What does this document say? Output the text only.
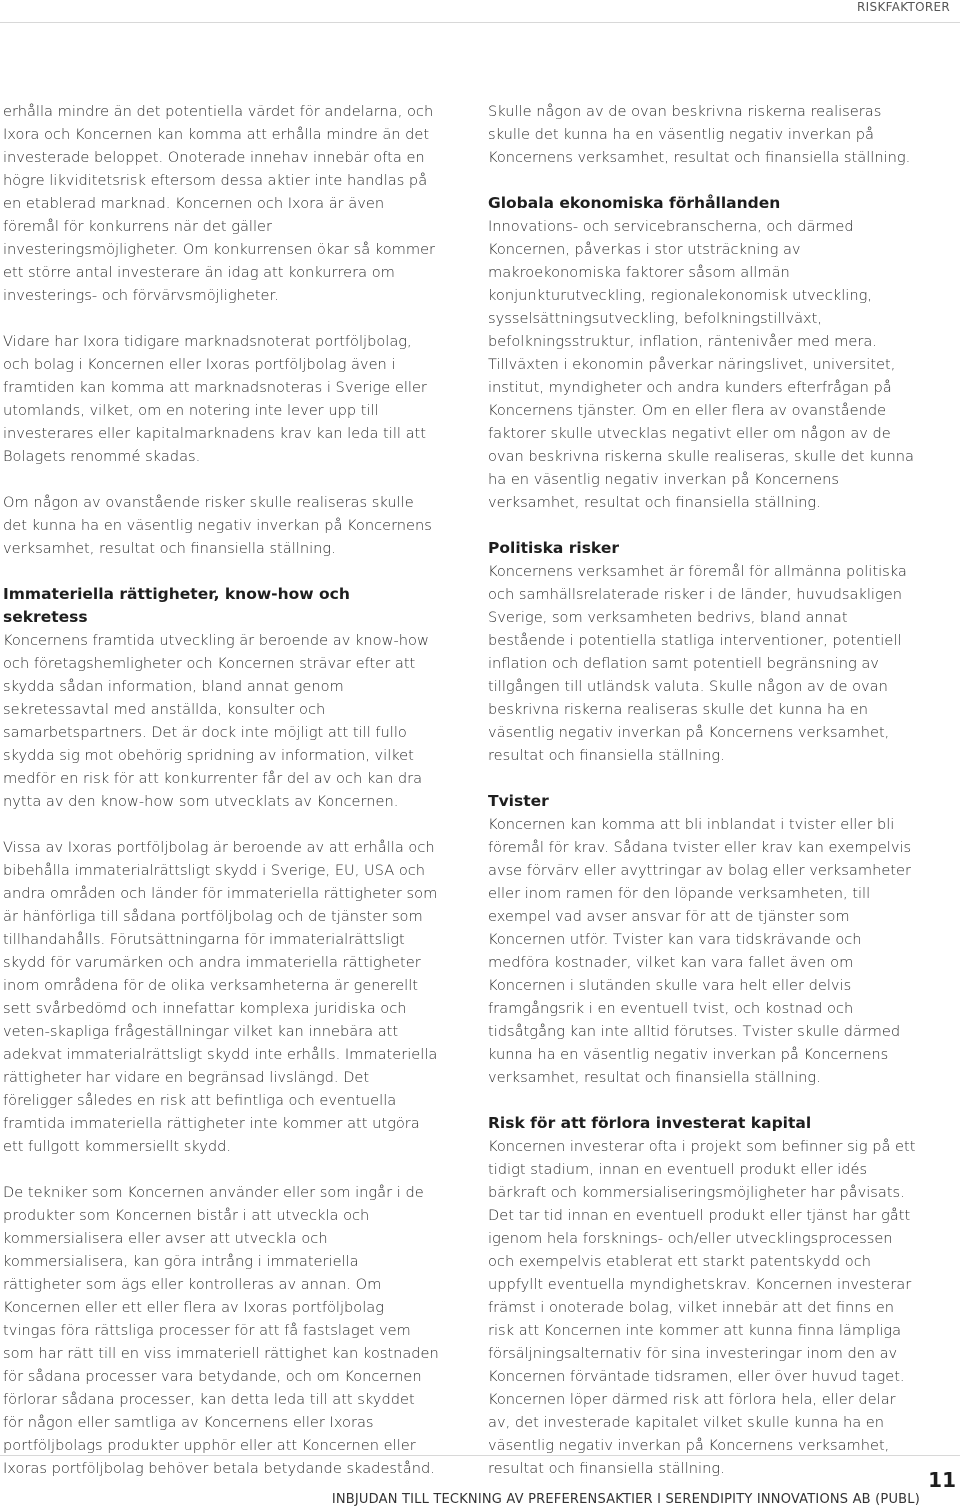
RISKFAKTORER

erhålla mindre än det potentiella värdet för andelarna, och Ixora och Koncernen kan komma att erhålla mindre än det investerade beloppet. Onoterade innehav innebär ofta en högre likviditetsrisk eftersom dessa aktier inte handlas på en etablerad marknad. Koncernen och Ixora är även föremål för konkurrens när det gäller investeringsmöjligheter. Om konkurrensen ökar så kommer ett större antal investerare än idag att konkurrera om investerings- och förvärvsmöjligheter.

Vidare har Ixora tidigare marknadsnoterat portföljbolag, och bolag i Koncernen eller Ixoras portföljbolag även i framtiden kan komma att marknadsnoteras i Sverige eller utomlands, vilket, om en notering inte lever upp till investerares eller kapitalmarknadens krav kan leda till att Bolagets renommé skadas.

Om någon av ovanstående risker skulle realiseras skulle det kunna ha en väsentlig negativ inverkan på Koncernens verksamhet, resultat och finansiella ställning.

Immateriella rättigheter, know-how och sekretess

Koncernens framtida utveckling är beroende av know-how och företagshemligheter och Koncernen strävar efter att skydda sådan information, bland annat genom sekretessavtal med anställda, konsulter och samarbetspartners. Det är dock inte möjligt att till fullo skydda sig mot obehörig spridning av information, vilket medför en risk för att konkurrenter får del av och kan dra nytta av den know-how som utvecklats av Koncernen.

Vissa av Ixoras portföljbolag är beroende av att erhålla och bibehålla immaterialrättsligt skydd i Sverige, EU, USA och andra områden och länder för immateriella rättigheter som är hänförliga till sådana portföljbolag och de tjänster som tillhandahålls. Förutsättningarna för immaterialrättsligt skydd för varumärken och andra immateriella rättigheter inom områdena för de olika verksamheterna är generellt sett svårbedömd och innefattar komplexa juridiska och veten-skapliga frågeställningar vilket kan innebära att adekvat immaterialrättsligt skydd inte erhålls. Immateriella rättigheter har vidare en begränsad livslängd. Det föreligger således en risk att befintliga och eventuella framtida immateriella rättigheter inte kommer att utgöra ett fullgott kommersiellt skydd.

De tekniker som Koncernen använder eller som ingår i de produkter som Koncernen bistår i att utveckla och kommersialisera eller avser att utveckla och kommersialisera, kan göra intrång i immateriella rättigheter som ägs eller kontrolleras av annan. Om Koncernen eller ett eller flera av Ixoras portföljbolag tvingas föra rättsliga processer för att få fastslaget vem som har rätt till en viss immateriell rättighet kan kostnaden för sådana processer vara betydande, och om Koncernen förlorar sådana processer, kan detta leda till att skyddet för någon eller samtliga av Koncernens eller Ixoras portföljbolags produkter upphör eller att Koncernen eller Ixoras portföljbolag behöver betala betydande skadestånd.

Skulle någon av de ovan beskrivna riskerna realiseras skulle det kunna ha en väsentlig negativ inverkan på Koncernens verksamhet, resultat och finansiella ställning.

Globala ekonomiska förhållanden

Innovations- och servicebranscherna, och därmed Koncernen, påverkas i stor utsträckning av makroekonomiska faktorer såsom allmän konjunkturutveckling, regionalekonomisk utveckling, sysselsättningsutveckling, befolkningstillväxt, befolkningsstruktur, inflation, räntenivåer med mera. Tillväxten i ekonomin påverkar näringslivet, universitet, institut, myndigheter och andra kunders efterfrågan på Koncernens tjänster. Om en eller flera av ovanstående faktorer skulle utvecklas negativt eller om någon av de ovan beskrivna riskerna skulle realiseras, skulle det kunna ha en väsentlig negativ inverkan på Koncernens verksamhet, resultat och finansiella ställning.

Politiska risker

Koncernens verksamhet är föremål för allmänna politiska och samhällsrelaterade risker i de länder, huvudsakligen Sverige, som verksamheten bedrivs, bland annat bestående i potentiella statliga interventioner, potentiell inflation och deflation samt potentiell begränsning av tillgången till utländsk valuta. Skulle någon av de ovan beskrivna riskerna realiseras skulle det kunna ha en väsentlig negativ inverkan på Koncernens verksamhet, resultat och finansiella ställning.

Tvister

Koncernen kan komma att bli inblandat i tvister eller bli föremål för krav. Sådana tvister eller krav kan exempelvis avse förvärv eller avyttringar av bolag eller verksamheter eller inom ramen för den löpande verksamheten, till exempel vad avser ansvar för att de tjänster som Koncernen utför. Tvister kan vara tidskrävande och medföra kostnader, vilket kan vara fallet även om Koncernen i slutänden skulle vara helt eller delvis framgångsrik i en eventuell tvist, och kostnad och tidsåtgång kan inte alltid förutses. Tvister skulle därmed kunna ha en väsentlig negativ inverkan på Koncernens verksamhet, resultat och finansiella ställning.

Risk för att förlora investerat kapital

Koncernen investerar ofta i projekt som befinner sig på ett tidigt stadium, innan en eventuell produkt eller idés bärkraft och kommersialiseringsmöjligheter har påvisats. Det tar tid innan en eventuell produkt eller tjänst har gått igenom hela forsknings- och/eller utvecklingsprocessen och exempelvis etablerat ett starkt patentskydd och uppfyllt eventuella myndighetskrav. Koncernen investerar främst i onoterade bolag, vilket innebär att det finns en risk att Koncernen inte kommer att kunna finna lämpliga försäljningsalternativ för sina investeringar inom den av Koncernen förväntade tidsramen, eller över huvud taget. Koncernen löper därmed risk att förlora hela, eller delar av, det investerade kapitalet vilket skulle kunna ha en väsentlig negativ inverkan på Koncernens verksamhet, resultat och finansiella ställning.

INBJUDAN TILL TECKNING AV PREFERENSAKTIER I SERENDIPITY INNOVATIONS AB (PUBL)
11
